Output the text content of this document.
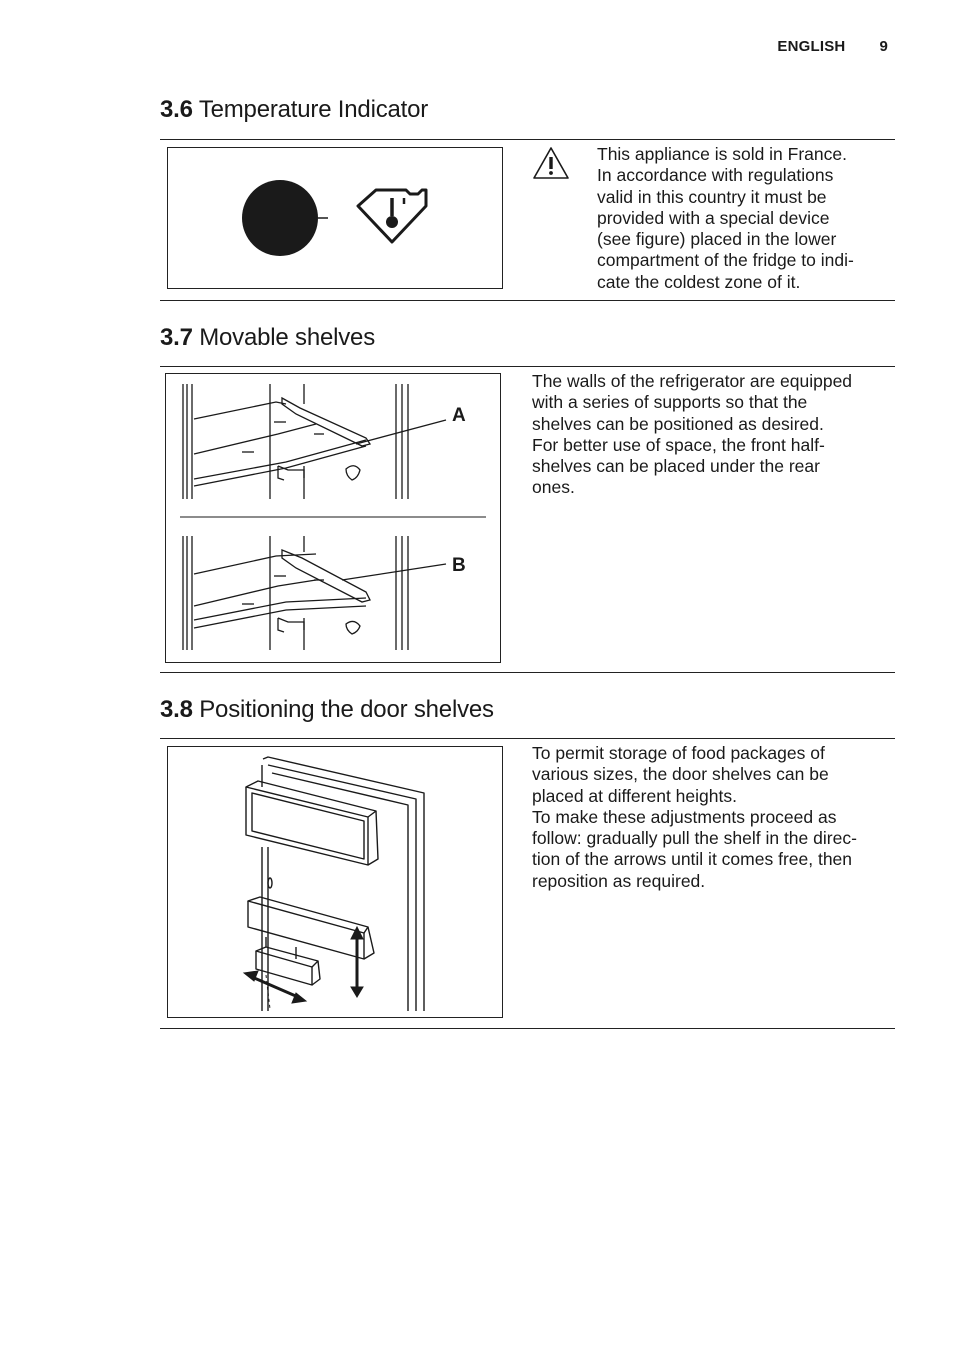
ENGLISH 9
3.6 Temperature Indicator
This appliance is sold in France.
In accordance with regulations
valid in this country it must be
provided with a special device
(see figure) placed in the lower
compartment of the fridge to indi-
cate the coldest zone of it.
3.7 Movable shelves
A
B
The walls of the refrigerator are equipped
with a series of supports so that the
shelves can be positioned as desired.
For better use of space, the front half-
shelves can be placed under the rear
ones.
3.8 Positioning the door shelves
To permit storage of food packages of
various sizes, the door shelves can be
placed at different heights.
To make these adjustments proceed as
follow: gradually pull the shelf in the direc-
tion of the arrows until it comes free, then
reposition as required.
